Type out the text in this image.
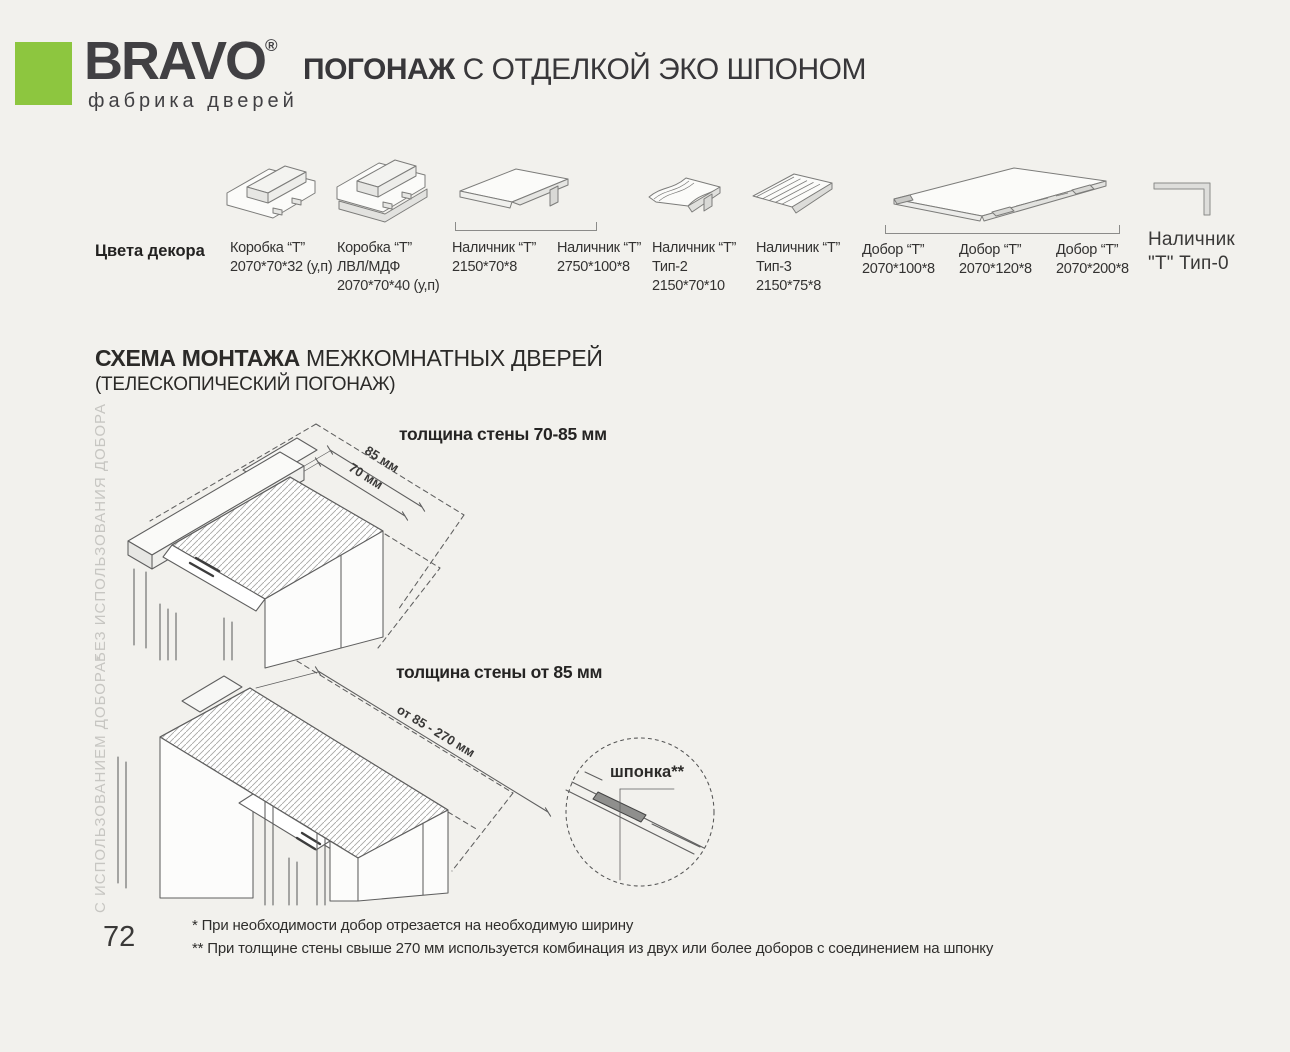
BRAVO®
фабрика дверей
ПОГОНАЖ С ОТДЕЛКОЙ ЭКО ШПОНОМ
Цвета декора Коробка “Т”
2070*70*32 (у,п)
Коробка “Т”
ЛВЛ/МДФ
2070*70*40 (у,п)
Наличник “Т”
2150*70*8
Наличник “Т”
2750*100*8
Наличник “Т”
Тип-2
2150*70*10
Наличник “Т”
Тип-3
2150*75*8
Добор “Т”
2070*100*8
Добор “Т”
2070*120*8
Добор “Т”
2070*200*8
Наличник
"Т" Тип-0
СХЕМА МОНТАЖА МЕЖКОМНАТНЫХ ДВЕРЕЙ
(ТЕЛЕСКОПИЧЕСКИЙ ПОГОНАЖ)
БЕЗ ИСПОЛЬЗОВАНИЯ ДОБОРА
С ИСПОЛЬЗОВАНИЕМ ДОБОРА*
толщина стены 70-85 мм
85 мм
70 мм
толщина стены от 85 мм
от 85 - 270 мм
шпонка**
72	* При необходимости добор отрезается на необходимую ширину
** При толщине стены свыше 270 мм используется комбинация из двух или более доборов с соединением на шпонку
